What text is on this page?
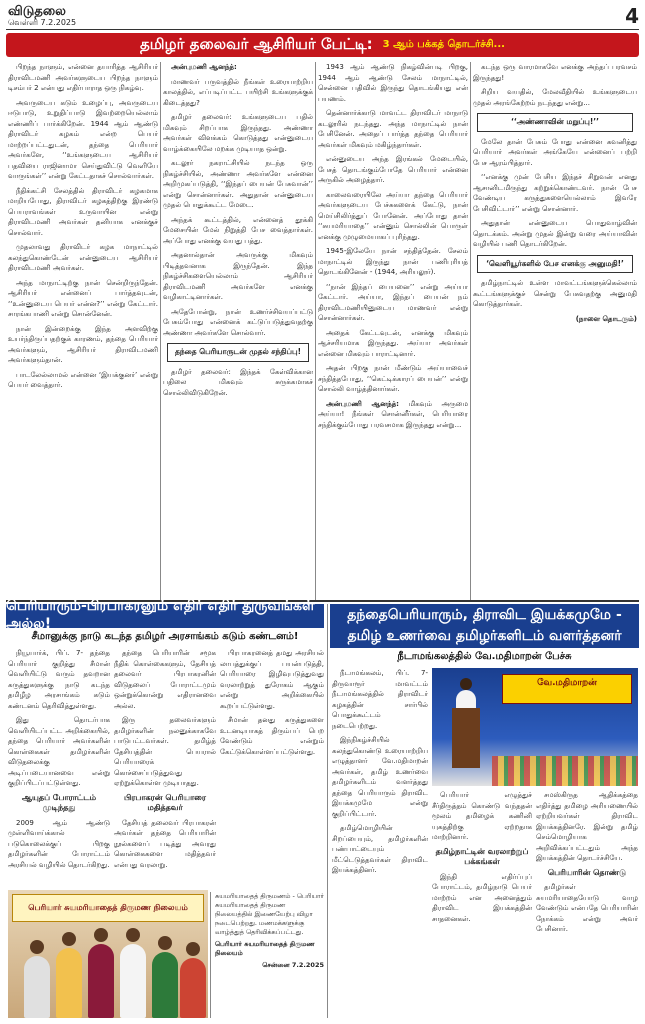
விடுதலை
வெள்ளி 7.2.2025	4
தமிழர் தலைவர் ஆசிரியர் பேட்டி: 3 ஆம் பக்கத் தொடர்ச்சி...

பிறந்த நாளும், என்னை தயாரித்த ஆசிரியர் திராவிடமணி அவர்களுடைய பிறந்த நாளும் டிசம்பர் 2 என்பது எதிர்பாராத ஒரு நிகழ்வு.

அவருடைய கடும் உழைப்பு, அவருடைய ஈடுபாடு, உறுதிப்பாடு இவற்றையெல்லாம் எண்ணிப் பார்க்கிறேன். 1944 ஆம் ஆண்டு திராவிடர் கழகம் என்ற பெயர் மாற்றப்பட்டதுடன், தந்தை பெரியார் அவர்களே, ‘‘உங்களுடைய ஆசிரியர் பதவியை ராஜினாமா செய்துவிட்டு வெளியே வாருங்கள்’’ என்று கேட்டதாகச் சொல்வார்கள்.

நீதிக்கட்சி சேலத்தில் திராவிடர் கழகமாக மாறியபோது, திராவிடர் கழகத்திற்கு இரண்டு பெயராவங்கள் உருவாயின என்று திராவிடமணி அவர்கள் தனியாக எனக்குச் சொல்வார்.

முதலாவது திராவிடர் கழக மாநாட்டில் கலந்துகொண்டேன் என்னுடைய ஆசிரியர் திராவிடமணி அவர்கள்.

அந்த மாநாட்டிற்கு நான் சென்றிருந்தேன். ஆசிரியர் என்னைப் பார்த்தவுடன், ‘‘உன்னுடைய பெயர் என்ன?’’ என்று கேட்டார். சாரங்கபாணி என்று சொன்னேன்.

நான் இன்றைக்கு இந்த அளவிற்கு உயர்ந்திருப்பதற்குக் காரணம், தந்தை பெரியார் அவர்களும், ஆசிரியர் திராவிடமணி அவர்களும்தான்.

பாடலேல்லாமல் என்னை ‘இயக்குனர்’ என்று பெயர் வைத்தார்.

அன்புமணி ஆனந்த்:

மாணவர் பருவத்தில் நீங்கள் உரையாற்றிய காலத்தில், எப்படிப்பட்ட பயிற்சி உங்களுக்குக் கிடைத்தது?

தமிழர் தலைவர்: உங்களுடைய பதில் மிகவும் சிறப்பாக இருந்தது. அண்ணா அவர்கள் விளக்கம் கொடுத்தது என்னுடைய வாழ்க்கையிலே மறக்க முடியாத ஒன்று.

கடலூர் நகராட்சியில் நடந்த ஒரு நிகழ்ச்சியில், அண்ணா அவர்களே என்னை அறிமுகப்படுத்தி, ‘‘இந்தப் பையன் பேசுவான்’’ என்று சொன்னார்கள். அதுதான் என்னுடைய முதல் பொதுக்கூட்ட மேடை.

அந்தக் கூட்டத்தில், என்னைத் தூக்கி மேசையின் மேல் நிறுத்தி பேச வைத்தார்கள். அப்போது எனக்கு வயது பத்து.

அதனால்தான் அவருக்கு மிகவும் பிடித்தவனாக இருந்தேன். இந்த நிகழ்ச்சிகளையெல்லாம் ஆசிரியர் திராவிடமணி அவர்களே எனக்கு வழிகாட்டினார்கள்.

அதேபோன்று, நான் உணர்ச்சிவயப்பட்டு பேசும்போது என்னைக் கட்டுப்படுத்துவதற்கு அண்ணா அவர்களே சொல்வார்.

தந்தை பெரியாருடன் முதல் சந்திப்பு!

தமிழர் தலைவர்: இந்தக் கேள்விக்கான பதிலை மிகவும் சுருக்கமாகச் சொல்லிவிடுகிறேன்.

1943 ஆம் ஆண்டு நிகழ்வின்படி பிறகு, 1944 ஆம் ஆண்டு சேலம் மாநாட்டில், சென்னை பதிவில் இருந்து தொடங்கியது என் பயணம்.

தென்னார்க்காடு மாவட்ட திராவிடர் மாநாடு கடலூரில் நடந்தது. அந்த மாநாட்டில் நான் பேசினேன். அதைப் பார்த்த தந்தை பெரியார் அவர்கள் மிகவும் மகிழ்ந்தார்கள்.

என்னுடைய அந்த இரங்கல் மேடையில், பேசத் தொடங்கும்போதே பெரியார் என்னை அருகில் அழைத்தார்.

காலைவரையிலே அய்யா தந்தை பெரியார் அவர்களுடைய பேச்சுகளைக் கேட்டு, நான் மெய்சிலிர்த்துப் போனேன். அப்போது தான் ‘‘சுயமரியாதை’’ என்னும் சொல்லின் பொருள் எனக்கு முழுமையாகப் புரிந்தது.

1945-இலேயே நான் சந்தித்தேன். சேலம் மாநாட்டில் இருந்து நான் பணிபுரியத் தொடங்கினேன் - (1944, அரியலூர்).

‘‘நான் இந்தப் பையனை’’ என்று அய்யா கேட்டார். அய்யா, இந்தப் பையன் நம் திராவிடமணியினுடைய மாணவர் என்று சொன்னார்கள்.

அதைக் கேட்டவுடன், எனக்கு மிகவும் ஆச்சரியமாக இருந்தது. அய்யா அவர்கள் என்னை மிகவும் பாராட்டினார்.

அதன் பிறகு நான் மீண்டும் அய்யாவைச் சந்தித்தபோது, ‘‘கெட்டிக்காரப் பையன்’’ என்று சொல்லி வாழ்த்தினார்கள்.

அன்புமணி ஆனந்த்: மிகவும் அருமை அய்யா! நீங்கள் சொன்னீர்கள், பெரியாரை சந்திக்கும்போது பரவசமாக இருந்தது என்று...

கடந்த ஒரு வாரமாகவே எனக்கு அந்தப் பரவசம் இருந்தது!

சிறிய வயதில், மேலவீதியில் உங்களுடைய முதல் அரங்கேற்றம் நடந்தது என்று...

‘‘அண்ணாவின் மறுப்பு!’’

மேலே தான் பேசும் போது என்னை கவனித்து பெரியார் அவர்கள் அங்கேயே என்னைப் பற்றி பேச ஆரம்பித்தார்.

‘‘எனக்கு முன் பேசிய இந்தச் சிறுவன் எனது ஆசானிடமிருந்து கற்றுக்கொண்டவர். நான் பேச வேண்டிய கருத்துகளையெல்லாம் இவரே பேசிவிட்டார்’’ என்று சொன்னார்.

அதுதான் என்னுடைய பொதுவாழ்வின் தொடக்கம். அன்று முதல் இன்று வரை அய்யாவின் வழியில் பணி தொடர்கிறேன்.

‘வெளியூர்களில் பேச எனக்கு அனுமதி!’

தமிழ்நாட்டில் உள்ள மாவட்டங்களுக்கெல்லாம் கூட்டங்களுக்குச் சென்று பேசுவதற்கு அனுமதி கொடுத்தார்கள்.

(நாளை தொடரும்)
பெரியாரும்-பிரபாகரனும் எதிர் எதிர் துருவங்கள் அல்ல!
சீமானுக்கு நாடு கடந்த தமிழர் அரசாங்கம் கடும் கண்டனம்!

நியூயார்க், பிப். 7- தந்தை பெரியார் குறித்து சீமான் வெளியிட்டு வரும் தவறான கருத்துகளுக்கு நாடு கடந்த தமிழீழ அரசாங்கம் கடும் கண்டனம் தெரிவித்துள்ளது.

இது தொடர்பாக வெளியிடப்பட்ட அறிக்கையில், தந்தை பெரியார் அவர்களின் கொள்கைகள் தமிழர்களின் விடுதலைக்கு அடிப்படையானவை என்று குறிப்பிடப்பட்டுள்ளது.

ஆயுதப் போராட்டம் முடிந்தது

2009 ஆம் ஆண்டு முள்ளிவாய்க்கால் படுகொலைக்குப் பிறகு தமிழர்களின் போராட்டம் அரசியல் வழியில் தொடர்கிறது.

தந்தை பெரியாரின் சமூக நீதிக் கொள்கைகளும், தேசியத் தலைவர் பிரபாகரனின் விடுதலைப் போராட்டமும் ஒன்றுக்கொன்று எதிரானவை அல்ல.

இரு தலைவர்களும் தமிழர்களின் நலனுக்காகவே பாடுபட்டவர்கள். தமிழ்த் தேசியத்தின் பெயரால் பெரியாரைக் கொச்சைப்படுத்துவது ஏற்றுக்கொள்ள முடியாதது.

பிரபாகரன் பெரியாரை மதித்தவர்

தேசியத் தலைவர் பிரபாகரன் அவர்கள் தந்தை பெரியாரின் நூல்களைப் படித்து அவரது கொள்கைகளை மதித்தவர் என்பது வரலாறு.

பிரபாகரனைத் தமது அரசியல் லாபத்துக்குப் பயன்படுத்தி, பெரியாரை இழிவுபடுத்துவது வரலாற்றுத் துரோகம் ஆகும் என்று அறிக்கையில் கூறப்பட்டுள்ளது.

சீமான் தனது கருத்துகளை உடனடியாகத் திரும்பப் பெற வேண்டும் என்றும் கேட்டுக்கொள்ளப்பட்டுள்ளது.

பெரியார் சுயமரியாதைத் திருமண நிலையம்
சுயமரியாதைத் திருமணம் - பெரியார் சுயமரியாதைத் திருமண நிலையத்தில் இணையேற்பு விழா நடைபெற்றது. மணமக்களுக்கு வாழ்த்துத் தெரிவிக்கப்பட்டது.
பெரியார் சுயமரியாதைத் திருமண நிலையம்
சென்னை 7.2.2025
தந்தைபெரியாரும், திராவிட இயக்கமுமே - தமிழ் உணர்வை தமிழர்களிடம் வளர்த்தனர்
நீடாமங்கலத்தில் வே.மதிமாறன் பேச்சு

நீடாமங்கலம், பிப். 7- திருவாரூர் மாவட்டம் நீடாமங்கலத்தில் திராவிடர் கழகத்தின் சார்பில் பொதுக்கூட்டம் நடைபெற்றது.

இந்நிகழ்ச்சியில் கலந்துகொண்டு உரையாற்றிய எழுத்தாளர் வே.மதிமாறன் அவர்கள், தமிழ் உணர்வை தமிழர்களிடம் வளர்த்தது தந்தை பெரியாரும் திராவிட இயக்கமுமே என்று குறிப்பிட்டார்.

தமிழ்மொழியின் சிறப்பையும், தமிழர்களின் பண்பாட்டையும் மீட்டெடுத்தவர்கள் திராவிட இயக்கத்தினர்.

வே.மதிமாறன்

பெரியார் எழுத்துச் சீர்திருத்தம் கொண்டு வந்ததன் மூலம் தமிழைக் கணினி யுகத்திற்கு ஏற்றதாக மாற்றினார்.

தமிழ்நாட்டின் வரலாற்றுப் பக்கங்கள்

இந்தி எதிர்ப்புப் போராட்டம், தமிழ்நாடு பெயர் மாற்றம் என அனைத்தும் திராவிட இயக்கத்தின் சாதனைகள்.

சமஸ்கிருத ஆதிக்கத்தை எதிர்த்து தமிழை அரியணையில் ஏற்றியவர்கள் திராவிட இயக்கத்தினரே. இன்று தமிழ் செம்மொழியாக அறிவிக்கப்பட்டதும் அந்த இயக்கத்தின் தொடர்ச்சியே.

பெரியாரின் தொண்டு

தமிழர்கள் சுயமரியாதையோடு வாழ வேண்டும் என்பதே பெரியாரின் நோக்கம் என்று அவர் பேசினார்.
